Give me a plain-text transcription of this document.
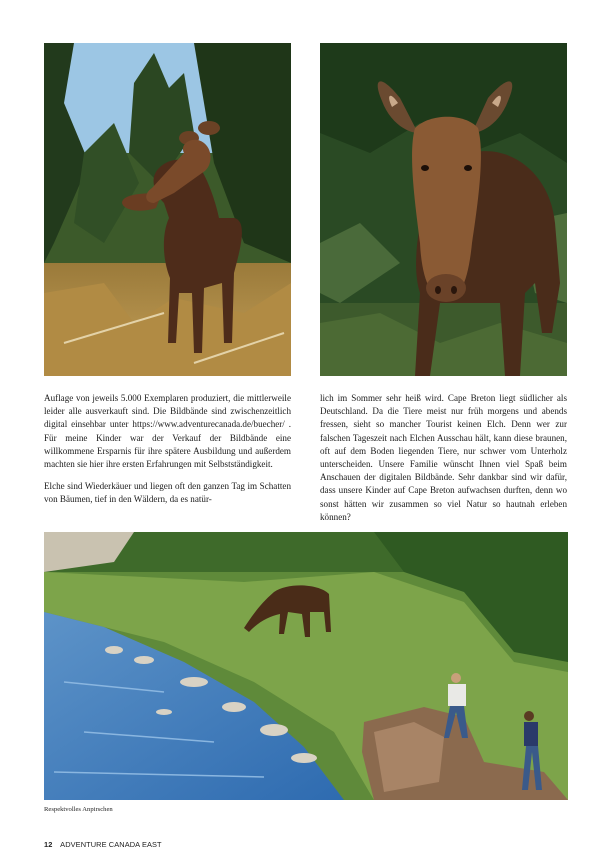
Auflage von jeweils 5.000 Exemplaren produziert, die mittlerweile leider alle ausverkauft sind. Die Bildbände sind zwischenzeitlich digital einsehbar unter https://www.adventurecanada.de/buecher/ . Für meine Kinder war der Verkauf der Bildbände eine willkommene Ersparnis für ihre spätere Ausbildung und außerdem machten sie hier ihre ersten Erfahrungen mit Selbstständigkeit.

Elche sind Wiederkäuer und liegen oft den ganzen Tag im Schatten von Bäumen, tief in den Wäldern, da es natür-

lich im Sommer sehr heiß wird. Cape Breton liegt südlicher als Deutschland. Da die Tiere meist nur früh morgens und abends fressen, sieht so mancher Tourist keinen Elch. Denn wer zur falschen Tageszeit nach Elchen Ausschau hält, kann diese braunen, oft auf dem Boden liegenden Tiere, nur schwer vom Unterholz unterscheiden. Unsere Familie wünscht Ihnen viel Spaß beim Anschauen der digitalen Bildbände. Sehr dankbar sind wir dafür, dass unsere Kinder auf Cape Breton aufwachsen durften, denn wo sonst hätten wir zusammen so viel Natur so hautnah erleben können?

Respektvolles Anpirschen
12 ADVENTURE CANADA EAST
